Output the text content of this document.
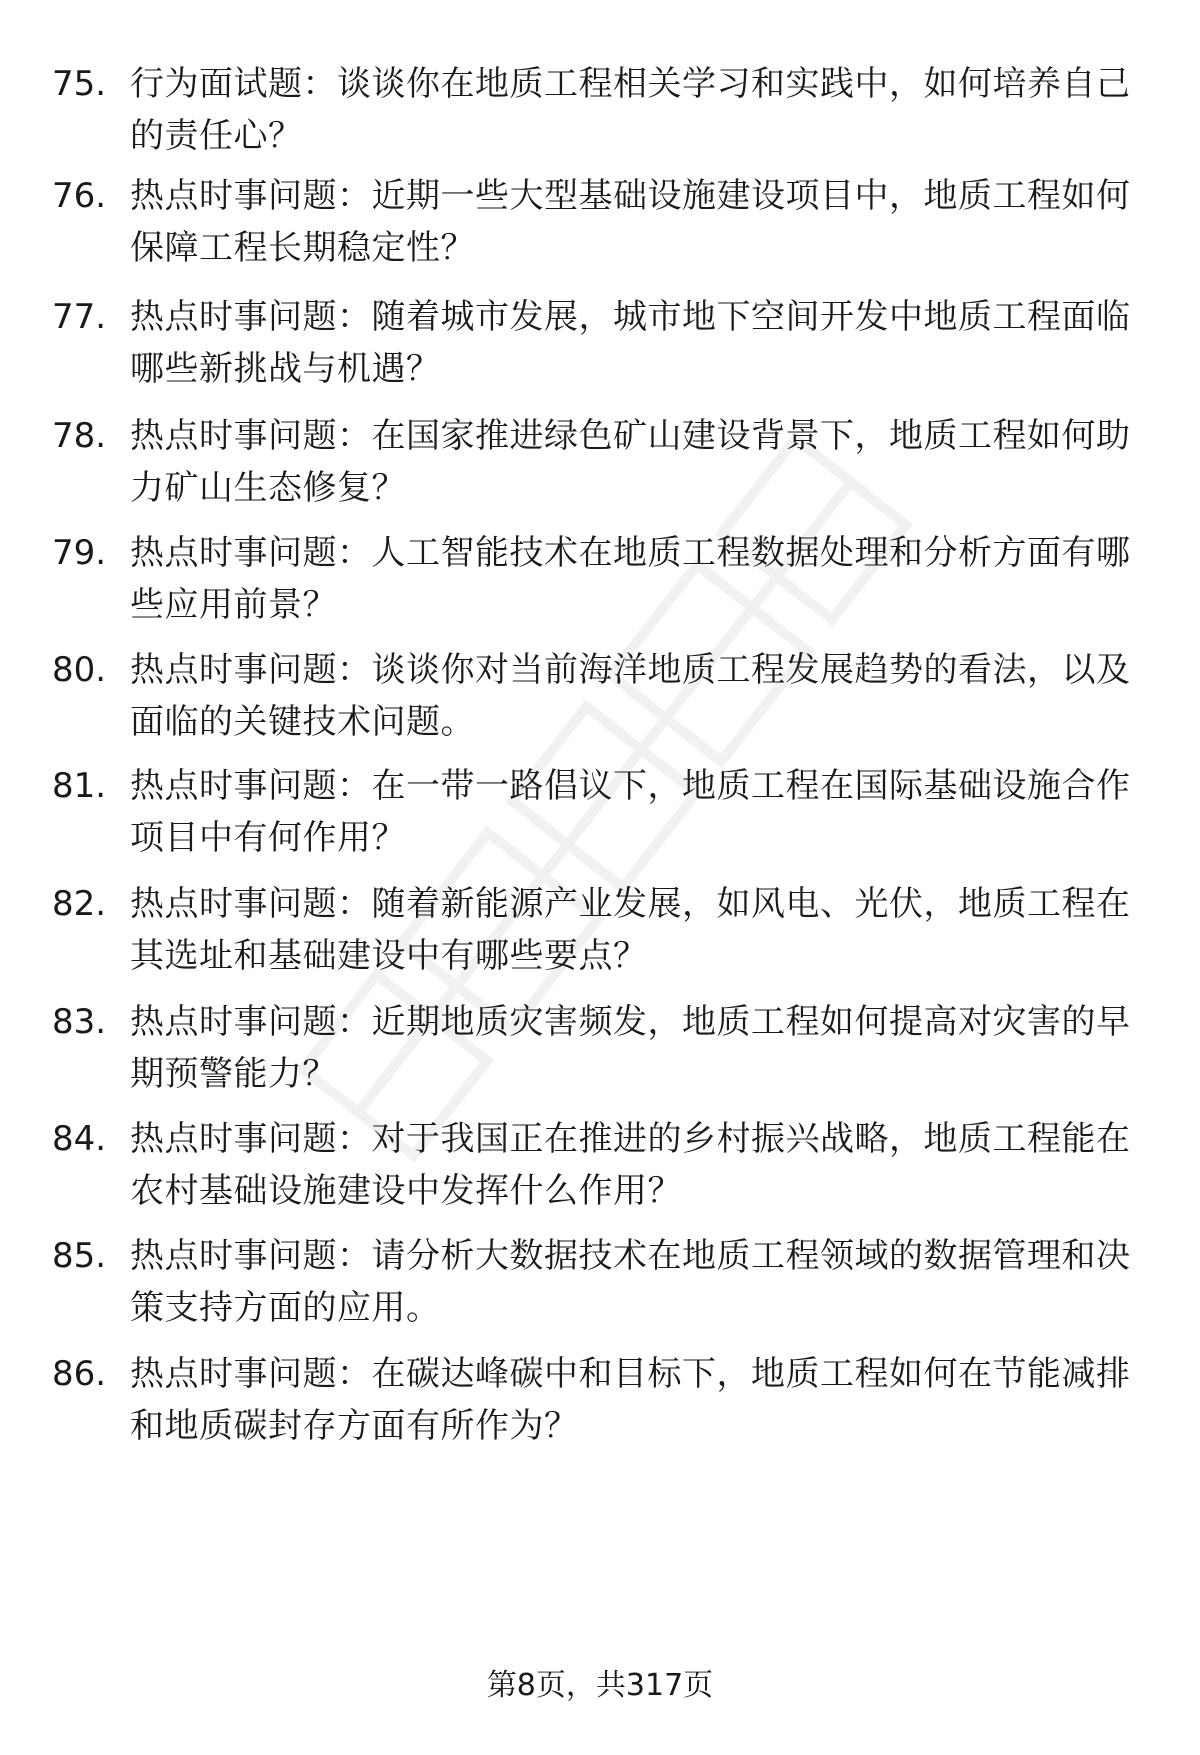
75. 行为面试题：谈谈你在地质工程相关学习和实践中，如何培养自己的责任心？
76. 热点时事问题：近期一些大型基础设施建设项目中，地质工程如何保障工程长期稳定性？
77. 热点时事问题：随着城市发展，城市地下空间开发中地质工程面临哪些新挑战与机遇？
78. 热点时事问题：在国家推进绿色矿山建设背景下，地质工程如何助力矿山生态修复？
79. 热点时事问题：人工智能技术在地质工程数据处理和分析方面有哪些应用前景？
80. 热点时事问题：谈谈你对当前海洋地质工程发展趋势的看法，以及面临的关键技术问题。
81. 热点时事问题：在一带一路倡议下，地质工程在国际基础设施合作项目中有何作用？
82. 热点时事问题：随着新能源产业发展，如风电、光伏，地质工程在其选址和基础建设中有哪些要点？
83. 热点时事问题：近期地质灾害频发，地质工程如何提高对灾害的早期预警能力？
84. 热点时事问题：对于我国正在推进的乡村振兴战略，地质工程能在农村基础设施建设中发挥什么作用？
85. 热点时事问题：请分析大数据技术在地质工程领域的数据管理和决策支持方面的应用。
86. 热点时事问题：在碳达峰碳中和目标下，地质工程如何在节能减排和地质碳封存方面有所作为？
第8页，共317页
